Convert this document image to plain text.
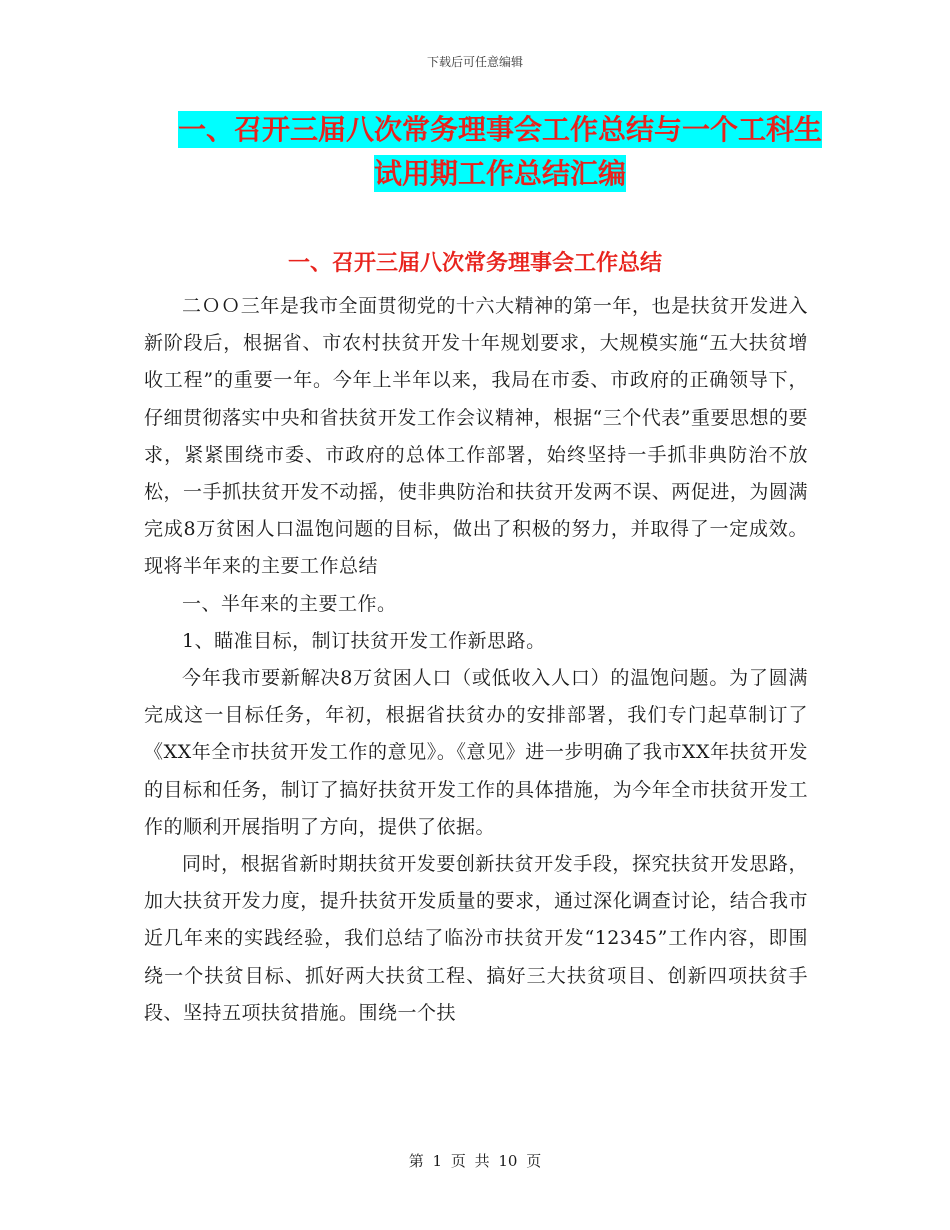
下载后可任意编辑
一、召开三届八次常务理事会工作总结与一个工科生
试用期工作总结汇编
一、召开三届八次常务理事会工作总结

二ＯＯ三年是我市全面贯彻党的十六大精神的第一年，也是扶贫开发进入新阶段后，根据省、市农村扶贫开发十年规划要求，大规模实施“五大扶贫增收工程”的重要一年。今年上半年以来，我局在市委、市政府的正确领导下，仔细贯彻落实中央和省扶贫开发工作会议精神，根据“三个代表”重要思想的要求，紧紧围绕市委、市政府的总体工作部署，始终坚持一手抓非典防治不放松，一手抓扶贫开发不动摇，使非典防治和扶贫开发两不误、两促进，为圆满完成8万贫困人口温饱问题的目标，做出了积极的努力，并取得了一定成效。现将半年来的主要工作总结

一、半年来的主要工作。

1、瞄准目标，制订扶贫开发工作新思路。

今年我市要新解决8万贫困人口（或低收入人口）的温饱问题。为了圆满完成这一目标任务，年初，根据省扶贫办的安排部署，我们专门起草制订了《XX年全市扶贫开发工作的意见》。《意见》进一步明确了我市XX年扶贫开发的目标和任务，制订了搞好扶贫开发工作的具体措施，为今年全市扶贫开发工作的顺利开展指明了方向，提供了依据。

同时，根据省新时期扶贫开发要创新扶贫开发手段，探究扶贫开发思路，加大扶贫开发力度，提升扶贫开发质量的要求，通过深化调查讨论，结合我市近几年来的实践经验，我们总结了临汾市扶贫开发“12345”工作内容，即围绕一个扶贫目标、抓好两大扶贫工程、搞好三大扶贫项目、创新四项扶贫手段、坚持五项扶贫措施。围绕一个扶

第 1 页 共 10 页
